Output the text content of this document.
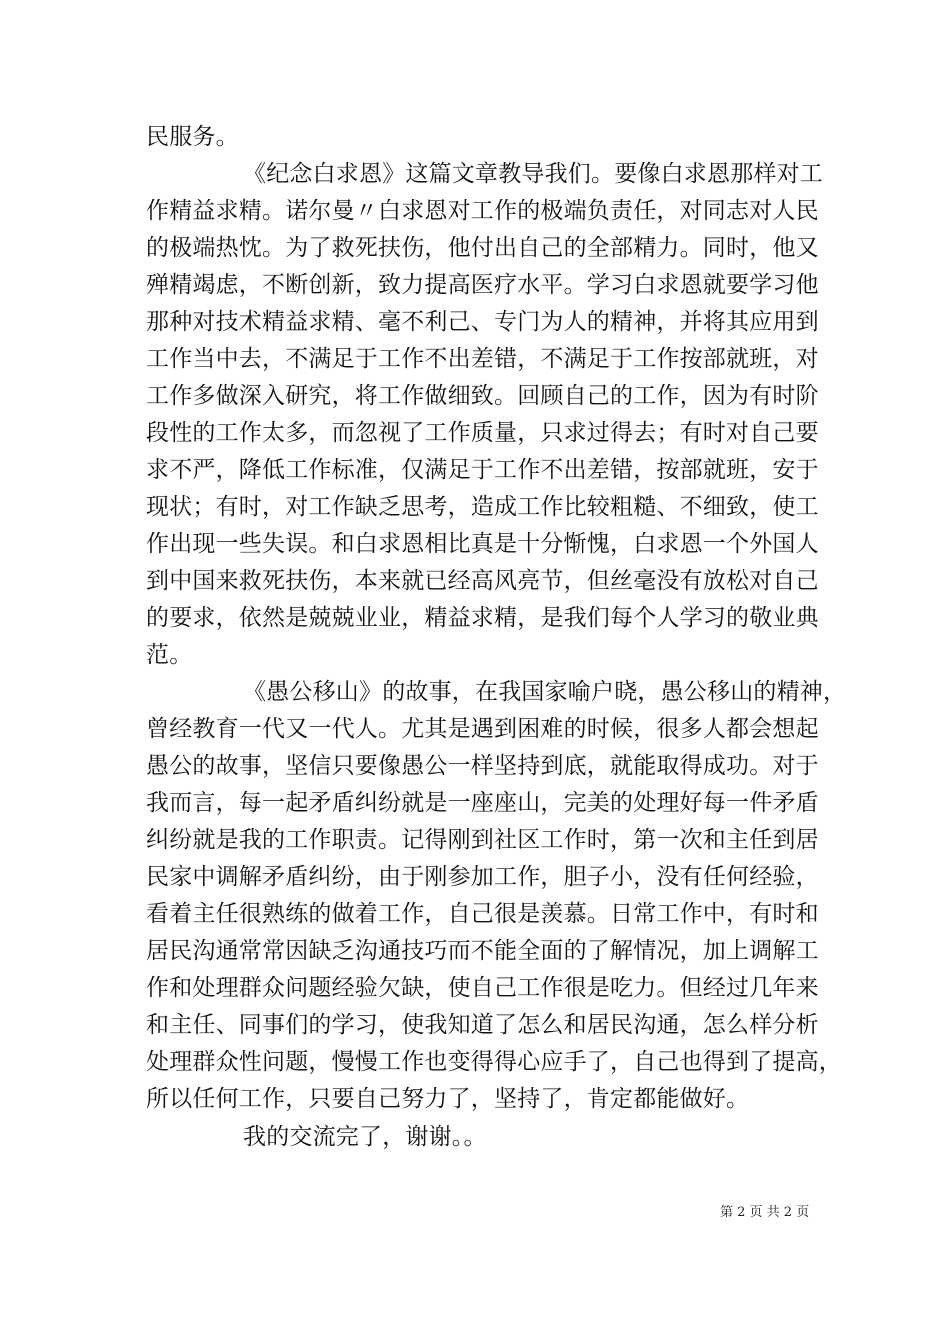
民服务。
《纪念白求恩》这篇文章教导我们。要像白求恩那样对工
作精益求精。诺尔曼〃白求恩对工作的极端负责任，对同志对人民
的极端热忱。为了救死扶伤，他付出自己的全部精力。同时，他又
殚精竭虑，不断创新，致力提高医疗水平。学习白求恩就要学习他
那种对技术精益求精、毫不利己、专门为人的精神，并将其应用到
工作当中去，不满足于工作不出差错，不满足于工作按部就班，对
工作多做深入研究，将工作做细致。回顾自己的工作，因为有时阶
段性的工作太多，而忽视了工作质量，只求过得去；有时对自己要
求不严，降低工作标准，仅满足于工作不出差错，按部就班，安于
现状；有时，对工作缺乏思考，造成工作比较粗糙、不细致，使工
作出现一些失误。和白求恩相比真是十分惭愧，白求恩一个外国人
到中国来救死扶伤，本来就已经高风亮节，但丝毫没有放松对自己
的要求，依然是兢兢业业，精益求精，是我们每个人学习的敬业典
范。
《愚公移山》的故事，在我国家喻户晓，愚公移山的精神，
曾经教育一代又一代人。尤其是遇到困难的时候，很多人都会想起
愚公的故事，坚信只要像愚公一样坚持到底，就能取得成功。对于
我而言，每一起矛盾纠纷就是一座座山，完美的处理好每一件矛盾
纠纷就是我的工作职责。记得刚到社区工作时，第一次和主任到居
民家中调解矛盾纠纷，由于刚参加工作，胆子小，没有任何经验，
看着主任很熟练的做着工作，自己很是羡慕。日常工作中，有时和
居民沟通常常因缺乏沟通技巧而不能全面的了解情况，加上调解工
作和处理群众问题经验欠缺，使自己工作很是吃力。但经过几年来
和主任、同事们的学习，使我知道了怎么和居民沟通，怎么样分析
处理群众性问题，慢慢工作也变得得心应手了，自己也得到了提高，
所以任何工作，只要自己努力了，坚持了，肯定都能做好。
我的交流完了，谢谢。。
第 2 页 共 2 页
